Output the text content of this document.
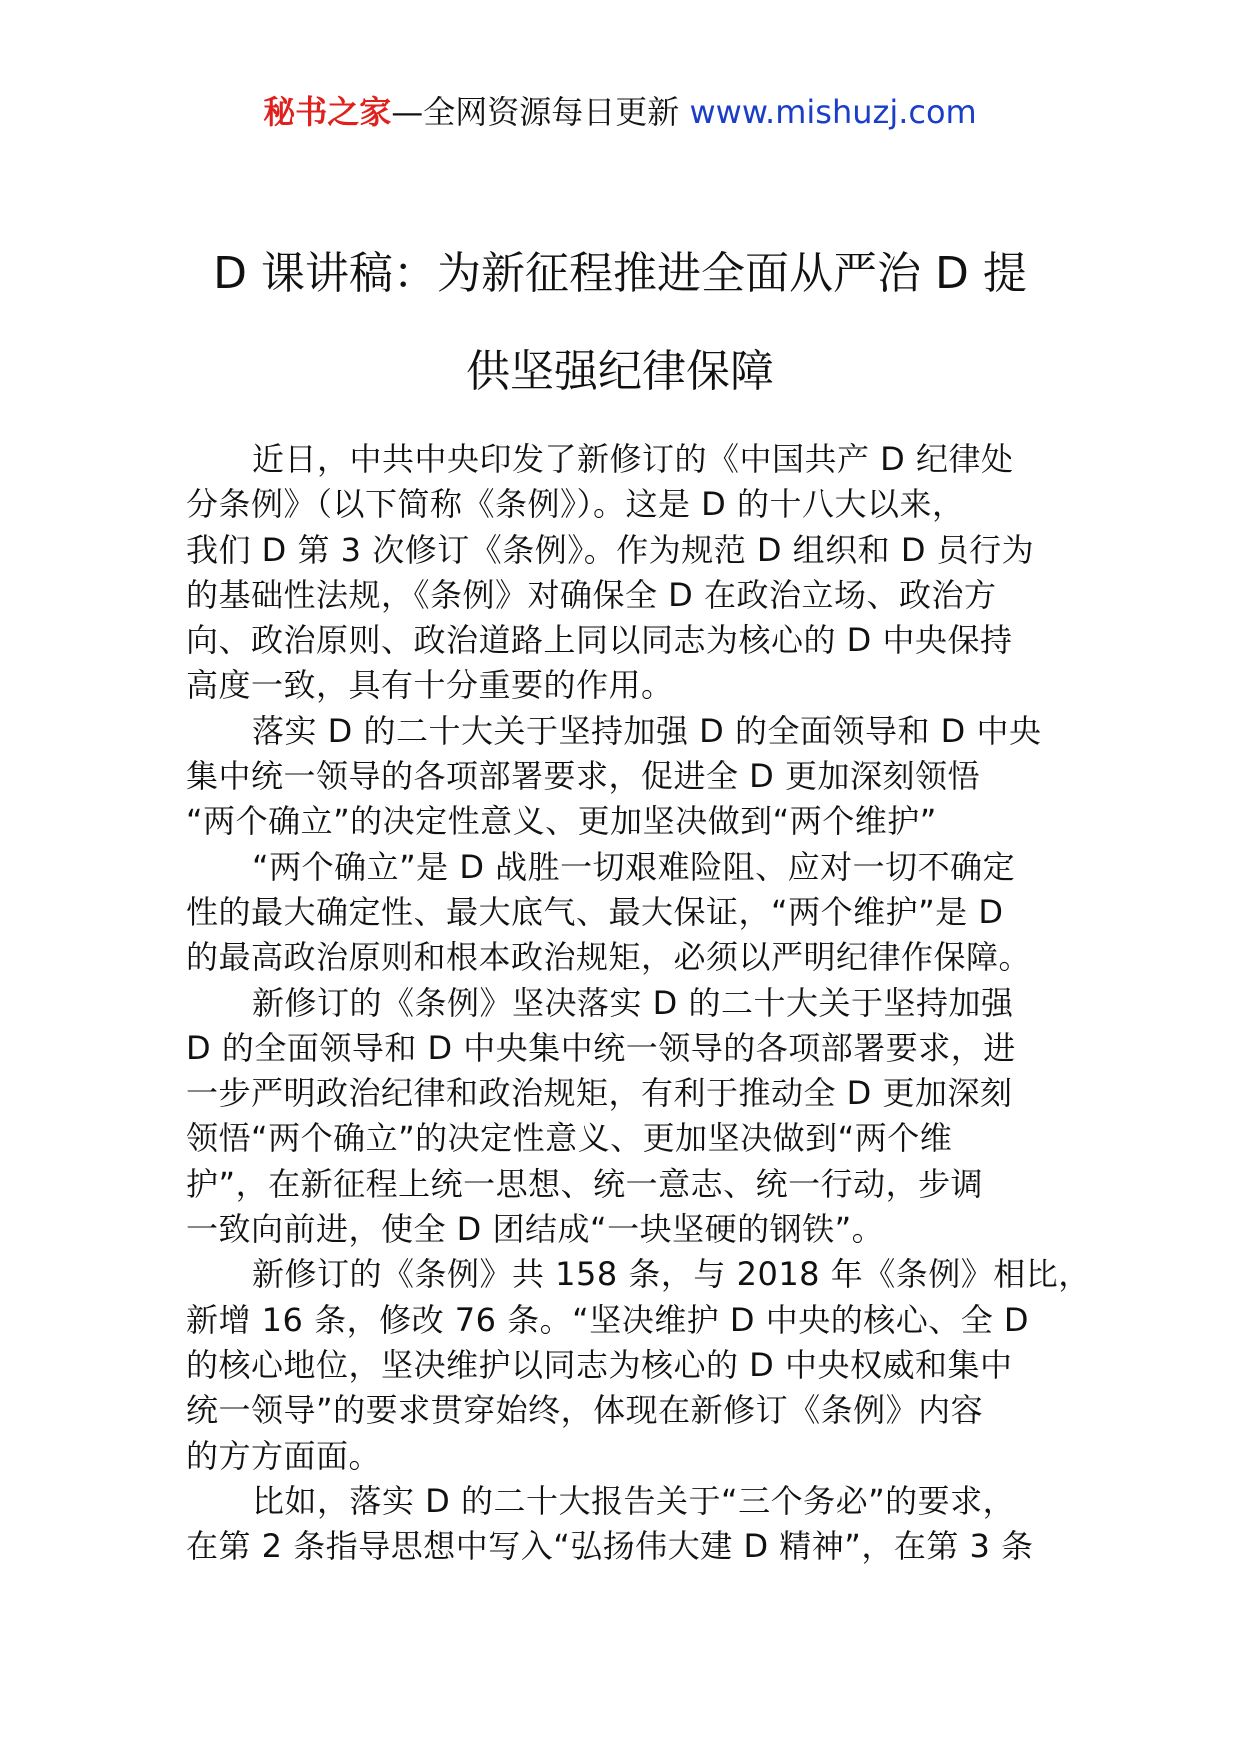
秘书之家—全网资源每日更新 www.mishuzj.com
D 课讲稿：为新征程推进全面从严治 D 提
供坚强纪律保障

近日，中共中央印发了新修订的《中国共产 D 纪律处
分条例》（以下简称《条例》）。这是 D 的十八大以来，
我们 D 第 3 次修订《条例》。作为规范 D 组织和 D 员行为
的基础性法规，《条例》对确保全 D 在政治立场、政治方
向、政治原则、政治道路上同以同志为核心的 D 中央保持
高度一致，具有十分重要的作用。

落实 D 的二十大关于坚持加强 D 的全面领导和 D 中央
集中统一领导的各项部署要求，促进全 D 更加深刻领悟
“两个确立”的决定性意义、更加坚决做到“两个维护”

“两个确立”是 D 战胜一切艰难险阻、应对一切不确定
性的最大确定性、最大底气、最大保证，“两个维护”是 D
的最高政治原则和根本政治规矩，必须以严明纪律作保障。

新修订的《条例》坚决落实 D 的二十大关于坚持加强
D 的全面领导和 D 中央集中统一领导的各项部署要求，进
一步严明政治纪律和政治规矩，有利于推动全 D 更加深刻
领悟“两个确立”的决定性意义、更加坚决做到“两个维
护”，在新征程上统一思想、统一意志、统一行动，步调
一致向前进，使全 D 团结成“一块坚硬的钢铁”。

新修订的《条例》共 158 条，与 2018 年《条例》相比，
新增 16 条，修改 76 条。“坚决维护 D 中央的核心、全 D
的核心地位，坚决维护以同志为核心的 D 中央权威和集中
统一领导”的要求贯穿始终，体现在新修订《条例》内容
的方方面面。

比如，落实 D 的二十大报告关于“三个务必”的要求，
在第 2 条指导思想中写入“弘扬伟大建 D 精神”，在第 3 条
